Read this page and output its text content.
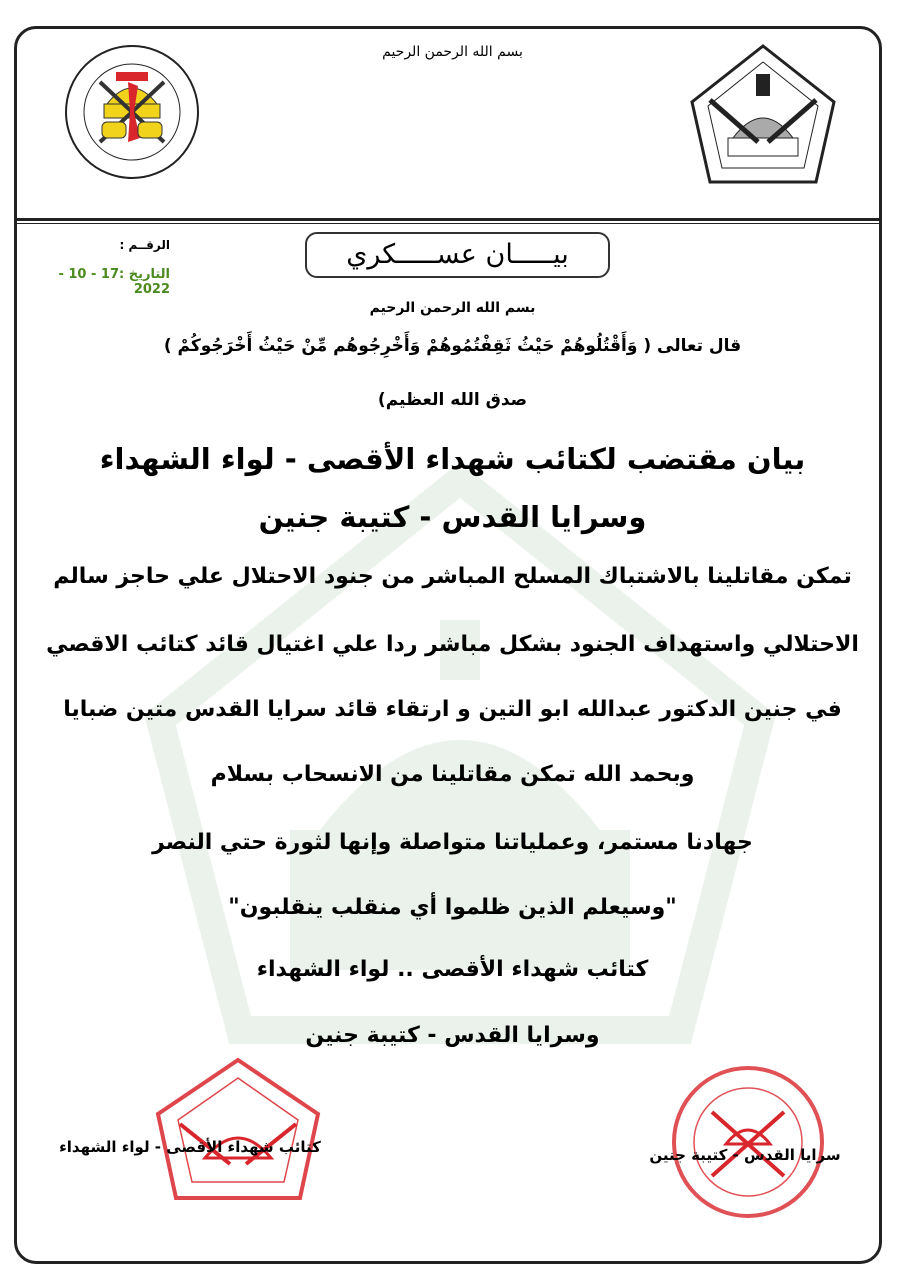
بسم الله الرحمن الرحيم
بيـــــان عســـــكري
الرقــم :
التاريخ :17 - 10 - 2022
بسم الله الرحمن الرحيم
قال تعالى ( وَأَقْتُلُوهُمْ حَيْثُ ثَقِفْتُمُوهُمْ وَأَخْرِجُوهُم مِّنْ حَيْثُ أَخْرَجُوكُمْ )
صدق الله العظيم)
بيان مقتضب لكتائب شهداء الأقصى - لواء الشهداء
وسرايا القدس - كتيبة جنين
تمكن مقاتلينا بالاشتباك المسلح المباشر من جنود الاحتلال علي حاجز سالم
الاحتلالي واستهداف الجنود بشكل مباشر ردا علي اغتيال قائد كتائب الاقصي
في جنين الدكتور عبدالله ابو التين و ارتقاء قائد سرايا القدس متين ضبايا
وبحمد الله تمكن مقاتلينا من الانسحاب بسلام
جهادنا مستمر، وعملياتنا متواصلة وإنها لثورة حتي النصر
"وسيعلم الذين ظلموا أي منقلب ينقلبون"
كتائب شهداء الأقصى .. لواء الشهداء
وسرايا القدس - كتيبة جنين
كتائب شهداء الأقصى - لواء الشهداء	سرايا القدس - كتيبة جنين
